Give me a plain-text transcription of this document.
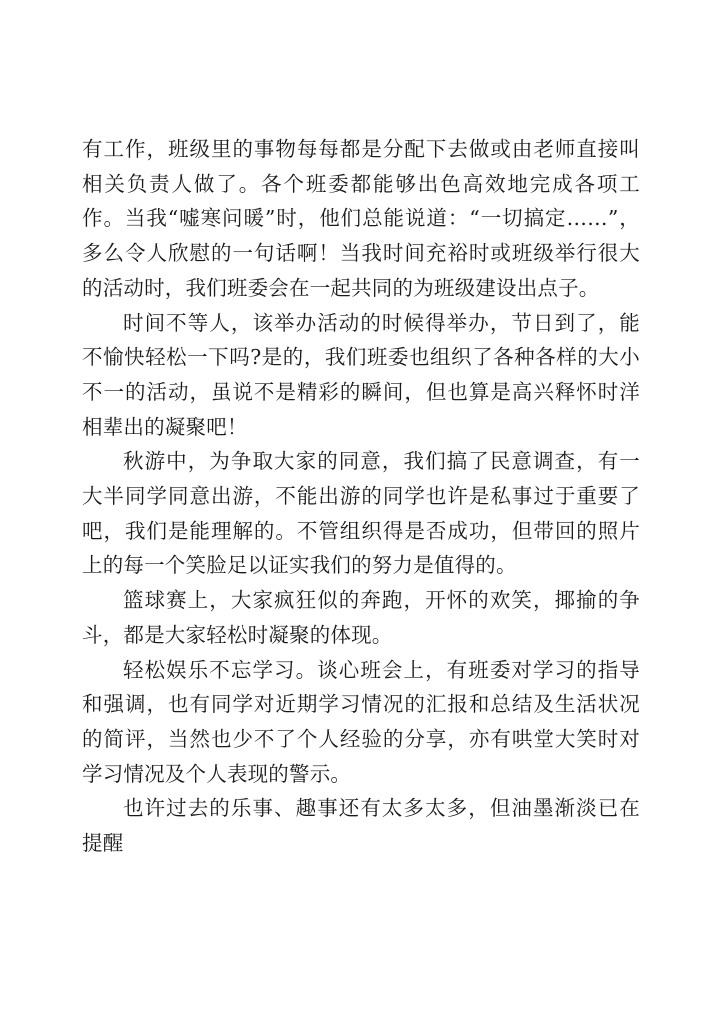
有工作，班级里的事物每每都是分配下去做或由老师直接叫相关负责人做了。各个班委都能够出色高效地完成各项工作。当我“嘘寒问暖”时，他们总能说道：“一切搞定……”，多么令人欣慰的一句话啊！当我时间充裕时或班级举行很大的活动时，我们班委会在一起共同的为班级建设出点子。

时间不等人，该举办活动的时候得举办，节日到了，能不愉快轻松一下吗?是的，我们班委也组织了各种各样的大小不一的活动，虽说不是精彩的瞬间，但也算是高兴释怀时洋相辈出的凝聚吧！

秋游中，为争取大家的同意，我们搞了民意调查，有一大半同学同意出游，不能出游的同学也许是私事过于重要了吧，我们是能理解的。不管组织得是否成功，但带回的照片上的每一个笑脸足以证实我们的努力是值得的。

篮球赛上，大家疯狂似的奔跑，开怀的欢笑，揶揄的争斗，都是大家轻松时凝聚的体现。

轻松娱乐不忘学习。谈心班会上，有班委对学习的指导和强调，也有同学对近期学习情况的汇报和总结及生活状况的简评，当然也少不了个人经验的分享，亦有哄堂大笑时对学习情况及个人表现的警示。

也许过去的乐事、趣事还有太多太多，但油墨渐淡已在提醒
